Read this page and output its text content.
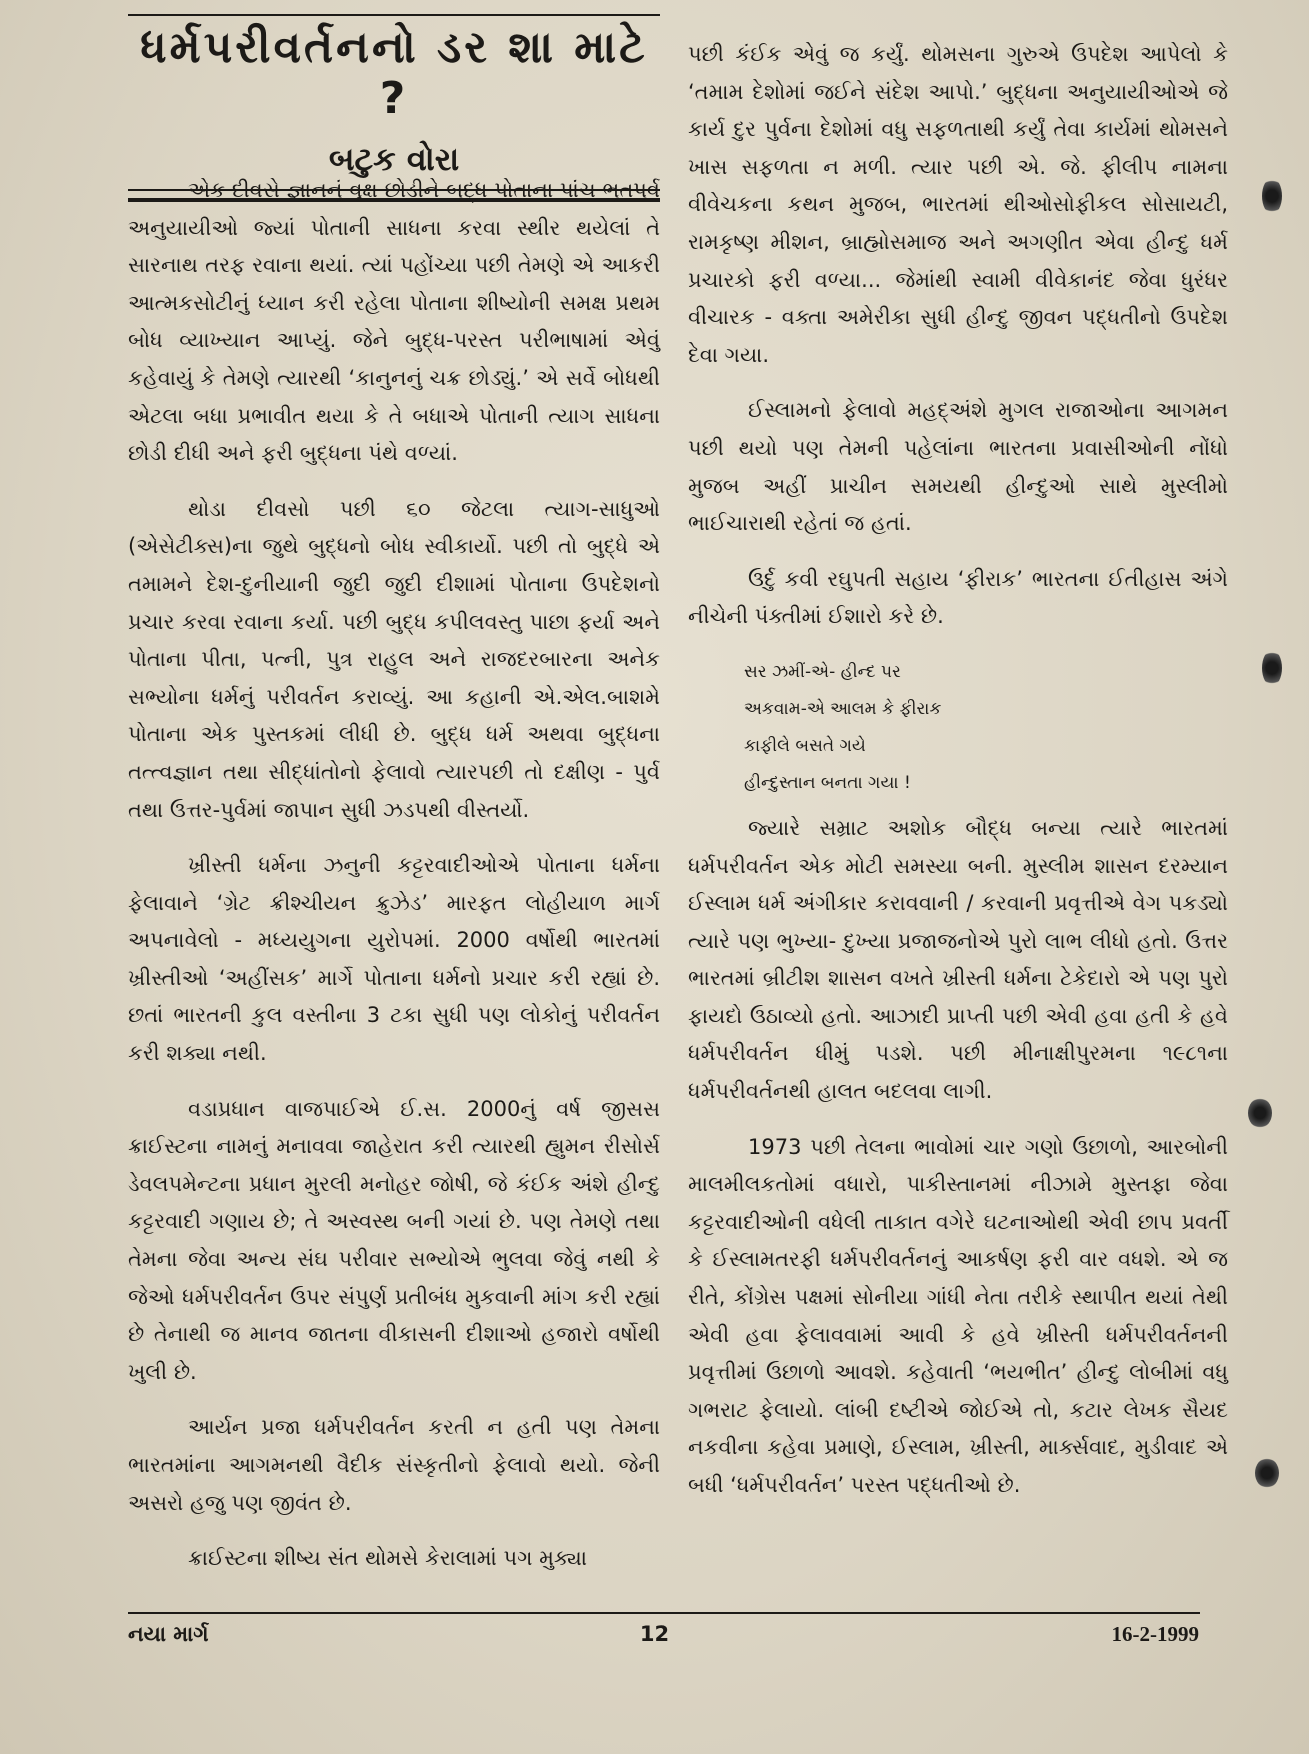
ધર્મપરીવર્તનનો ડર શા માટે ?
બટુક વોરા

એક દીવસે જ્ઞાનનું વૃક્ષ છોડીને બુદ્ધ પોતાના પાંચ ભુતપુર્વ અનુયાયીઓ જ્યાં પોતાની સાધના કરવા સ્થીર થયેલાં તે સારનાથ તરફ રવાના થયાં. ત્યાં પહોંચ્યા પછી તેમણે એ આકરી આત્મકસોટીનું ધ્યાન કરી રહેલા પોતાના શીષ્યોની સમક્ષ પ્રથમ બોધ વ્યાખ્યાન આપ્યું. જેને બુદ્ધ-પરસ્ત પરીભાષામાં એવું કહેવાયું કે તેમણે ત્યારથી ‘કાનુનનું ચક્ર છોડ્યું.’ એ સર્વે બોધથી એટલા બધા પ્રભાવીત થયા કે તે બધાએ પોતાની ત્યાગ સાધના છોડી દીધી અને ફરી બુદ્ધના પંથે વળ્યાં.

થોડા દીવસો પછી ૬૦ જેટલા ત્યાગ-સાધુઓ (એસેટીક્સ)ના જુથે બુદ્ધનો બોધ સ્વીકાર્યો. પછી તો બુદ્ધે એ તમામને દેશ-દુનીયાની જુદી જુદી દીશામાં પોતાના ઉપદેશનો પ્રચાર કરવા રવાના કર્યા. પછી બુદ્ધ કપીલવસ્તુ પાછા ફર્યા અને પોતાના પીતા, પત્ની, પુત્ર રાહુલ અને રાજદરબારના અનેક સભ્યોના ધર્મનું પરીવર્તન કરાવ્યું. આ કહાની એ.એલ.બાશમે પોતાના એક પુસ્તકમાં લીધી છે. બુદ્ધ ધર્મ અથવા બુદ્ધના તત્ત્વજ્ઞાન તથા સીદ્ધાંતોનો ફેલાવો ત્યારપછી તો દક્ષીણ - પુર્વ તથા ઉત્તર-પુર્વમાં જાપાન સુધી ઝડપથી વીસ્તર્યો.

ખ્રીસ્તી ધર્મના ઝનુની કટ્ટરવાદીઓએ પોતાના ધર્મના ફેલાવાને ‘ગ્રેટ ક્રીશ્ચીયન ક્રુઝેડ’ મારફત લોહીયાળ માર્ગ અપનાવેલો - મધ્યયુગના યુરોપમાં. 2000 વર્ષોથી ભારતમાં ખ્રીસ્તીઓ ‘અહીંસક’ માર્ગે પોતાના ધર્મનો પ્રચાર કરી રહ્યાં છે. છતાં ભારતની કુલ વસ્તીના 3 ટકા સુધી પણ લોકોનું પરીવર્તન કરી શક્યા નથી.

વડાપ્રધાન વાજપાઈએ ઈ.સ. 2000નું વર્ષ જીસસ ક્રાઈસ્ટના નામનું મનાવવા જાહેરાત કરી ત્યારથી હ્યુમન રીસોર્સ ડેવલપમેન્ટના પ્રધાન મુરલી મનોહર જોષી, જે કંઈક અંશે હીન્દુ કટ્ટરવાદી ગણાય છે; તે અસ્વસ્થ બની ગયાં છે. પણ તેમણે તથા તેમના જેવા અન્ય સંઘ પરીવાર સભ્યોએ ભુલવા જેવું નથી કે જેઓ ધર્મપરીવર્તન ઉપર સંપુર્ણ પ્રતીબંધ મુકવાની માંગ કરી રહ્યાં છે તેનાથી જ માનવ જાતના વીકાસની દીશાઓ હજારો વર્ષોથી ખુલી છે.

આર્યન પ્રજા ધર્મપરીવર્તન કરતી ન હતી પણ તેમના ભારતમાંના આગમનથી વૈદીક સંસ્કૃતીનો ફેલાવો થયો. જેની અસરો હજુ પણ જીવંત છે.

ક્રાઈસ્ટના શીષ્ય સંત થોમસે કેરાલામાં પગ મુક્યા

પછી કંઈક એવું જ કર્યું. થોમસના ગુરુએ ઉપદેશ આપેલો કે ‘તમામ દેશોમાં જઈને સંદેશ આપો.’ બુદ્ધના અનુયાયીઓએ જે કાર્ય દુર પુર્વના દેશોમાં વધુ સફળતાથી કર્યું તેવા કાર્યમાં થોમસને ખાસ સફળતા ન મળી. ત્યાર પછી એ. જે. ફીલીપ નામના વીવેચકના કથન મુજબ, ભારતમાં થીઓસોફીકલ સોસાયટી, રામકૃષ્ણ મીશન, બ્રાહ્મોસમાજ અને અગણીત એવા હીન્દુ ધર્મ પ્રચારકો ફરી વળ્યા... જેમાંથી સ્વામી વીવેકાનંદ જેવા ધુરંધર વીચારક - વક્તા અમેરીકા સુધી હીન્દુ જીવન પદ્ધતીનો ઉપદેશ દેવા ગયા.

ઈસ્લામનો ફેલાવો મહદ્અંશે મુગલ રાજાઓના આગમન પછી થયો પણ તેમની પહેલાંના ભારતના પ્રવાસીઓની નોંધો મુજબ અહીં પ્રાચીન સમયથી હીન્દુઓ સાથે મુસ્લીમો ભાઈચારાથી રહેતાં જ હતાં.

ઉર્દુ કવી રઘુપતી સહાય ‘ફીરાક’ ભારતના ઈતીહાસ અંગે નીચેની પંક્તીમાં ઈશારો કરે છે.

સર ઝમીં-એ- હીન્દ પર
અકવામ-એ આલમ કે ફીરાક
કાફીલે બસતે ગયે
હીન્દુસ્તાન બનતા ગયા !

જ્યારે સમ્રાટ અશોક બૌદ્ધ બન્યા ત્યારે ભારતમાં ધર્મપરીવર્તન એક મોટી સમસ્યા બની. મુસ્લીમ શાસન દરમ્યાન ઈસ્લામ ધર્મ અંગીકાર કરાવવાની / કરવાની પ્રવૃત્તીએ વેગ પકડ્યો ત્યારે પણ ભુખ્યા- દુખ્યા પ્રજાજનોએ પુરો લાભ લીધો હતો. ઉત્તર ભારતમાં બ્રીટીશ શાસન વખતે ખ્રીસ્તી ધર્મના ટેકેદારો એ પણ પુરો ફાયદો ઉઠાવ્યો હતો. આઝાદી પ્રાપ્તી પછી એવી હવા હતી કે હવે ધર્મપરીવર્તન ધીમું પડશે. પછી મીનાક્ષીપુરમના ૧૯૮૧ના ધર્મપરીવર્તનથી હાલત બદલવા લાગી.

1973 પછી તેલના ભાવોમાં ચાર ગણો ઉછાળો, આરબોની માલમીલકતોમાં વધારો, પાકીસ્તાનમાં નીઝામે મુસ્તફા જેવા કટ્ટરવાદીઓની વધેલી તાકાત વગેરે ઘટનાઓથી એવી છાપ પ્રવર્તી કે ઈસ્લામતરફી ધર્મપરીવર્તનનું આકર્ષણ ફરી વાર વધશે. એ જ રીતે, કોંગ્રેસ પક્ષમાં સોનીયા ગાંધી નેતા તરીકે સ્થાપીત થયાં તેથી એવી હવા ફેલાવવામાં આવી કે હવે ખ્રીસ્તી ધર્મપરીવર્તનની પ્રવૃત્તીમાં ઉછાળો આવશે. કહેવાતી ‘ભયભીત’ હીન્દુ લોબીમાં વધુ ગભરાટ ફેલાયો. લાંબી દષ્ટીએ જોઈએ તો, કટાર લેખક સૈયદ નકવીના કહેવા પ્રમાણે, ઈસ્લામ, ખ્રીસ્તી, માર્ક્સવાદ, મુડીવાદ એ બધી ‘ધર્મપરીવર્તન’ પરસ્ત પદ્ધતીઓ છે.

નયા માર્ગ	12	16-2-1999
